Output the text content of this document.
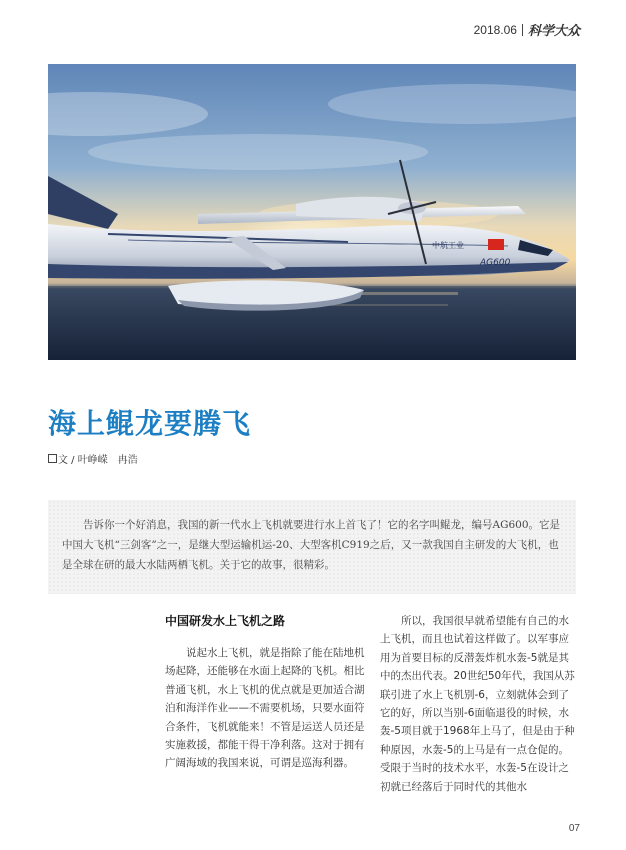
2018.06 科学大众
中航工业
AG600
海上鲲龙要腾飞
文 / 叶峥嵘　冉浩

告诉你一个好消息，我国的新一代水上飞机就要进行水上首飞了！它的名字叫鲲龙，编号AG600。它是中国大飞机“三剑客”之一，是继大型运输机运-20、大型客机C919之后，又一款我国自主研发的大飞机，也是全球在研的最大水陆两栖飞机。关于它的故事，很精彩。

中国研发水上飞机之路

说起水上飞机，就是指除了能在陆地机场起降，还能够在水面上起降的飞机。相比普通飞机，水上飞机的优点就是更加适合湖泊和海洋作业——不需要机场，只要水面符合条件，飞机就能来！不管是运送人员还是实施救援，都能干得干净利落。这对于拥有广阔海域的我国来说，可谓是巡海利器。

所以，我国很早就希望能有自己的水上飞机，而且也试着这样做了。以军事应用为首要目标的反潜轰炸机水轰-5就是其中的杰出代表。20世纪50年代，我国从苏联引进了水上飞机别-6，立刻就体会到了它的好，所以当别-6面临退役的时候，水轰-5项目就于1968年上马了，但是由于种种原因，水轰-5的上马是有一点仓促的。受限于当时的技术水平，水轰-5在设计之初就已经落后于同时代的其他水

07
